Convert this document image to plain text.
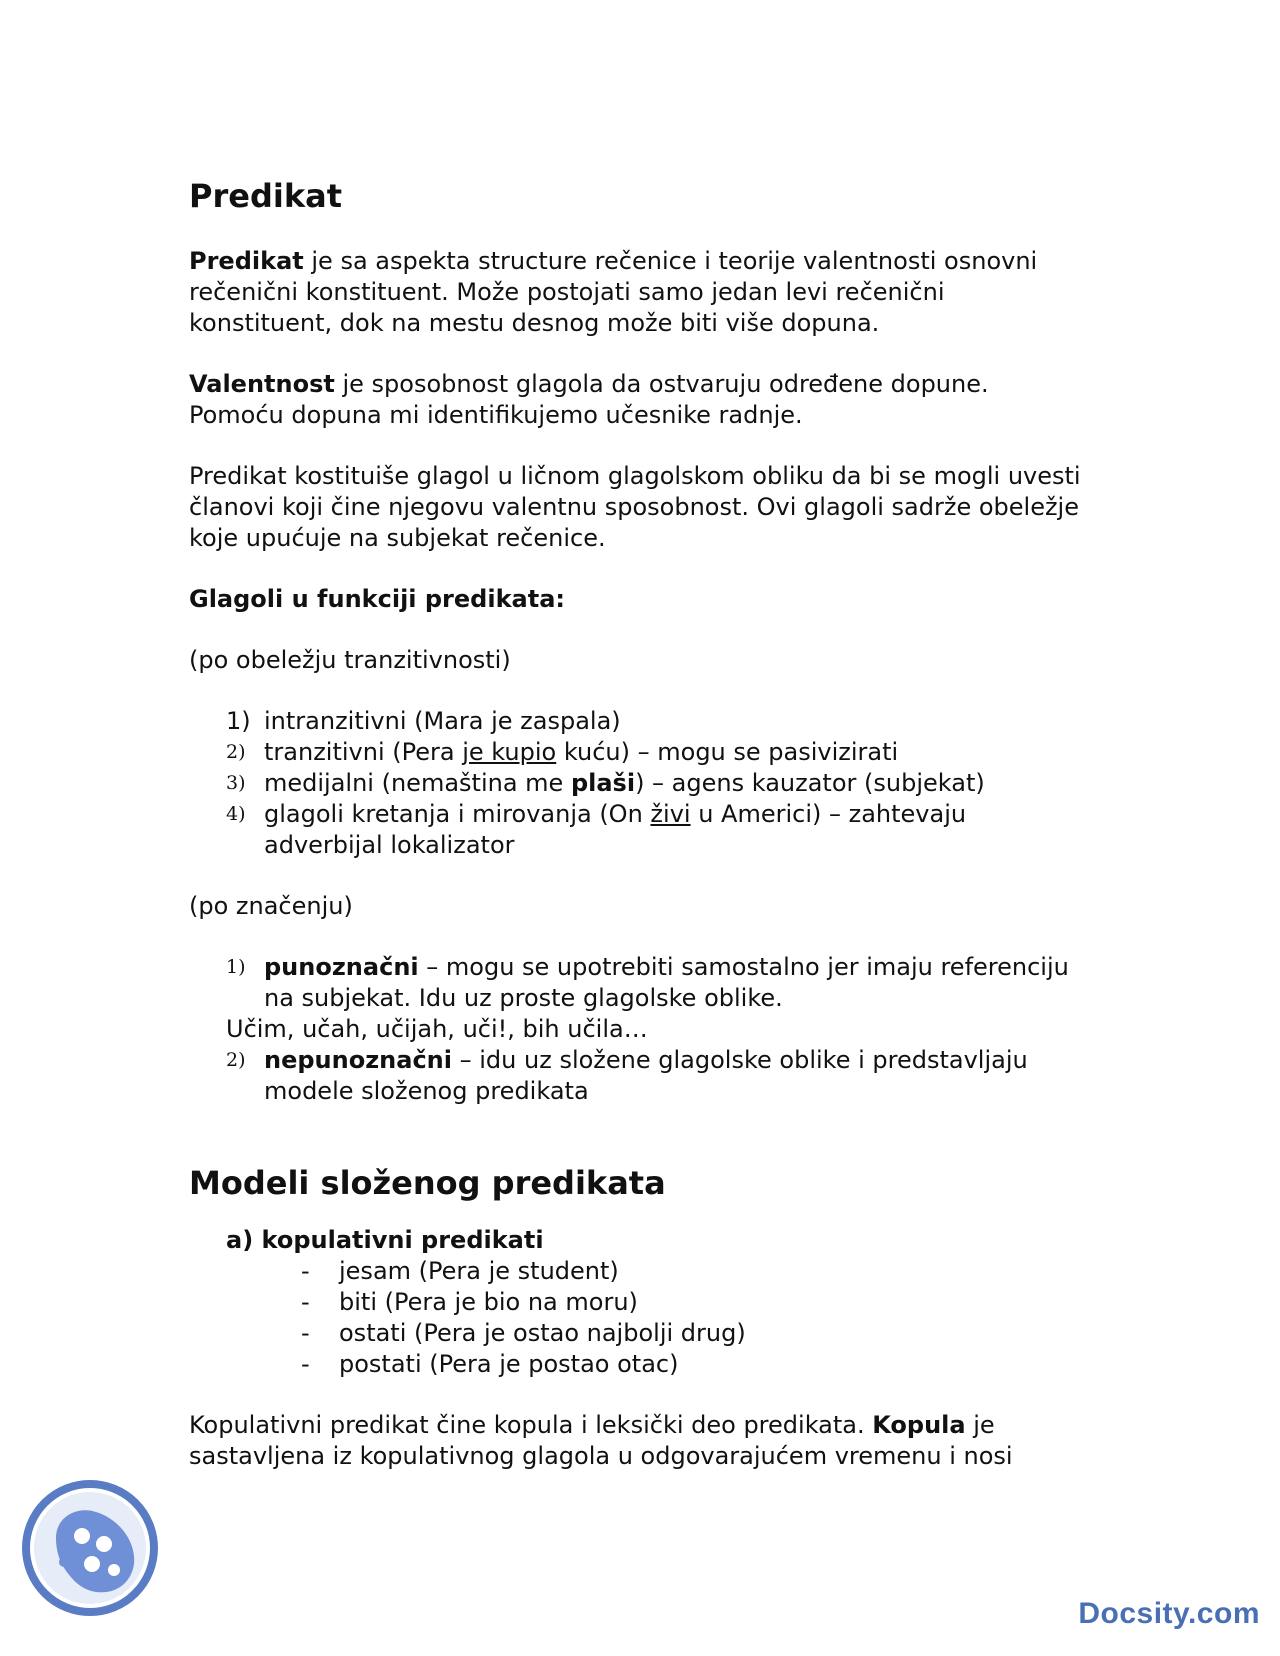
Predikat

Predikat je sa aspekta structure rečenice i teorije valentnosti osnovni rečenični konstituent. Može postojati samo jedan levi rečenični konstituent, dok na mestu desnog može biti više dopuna.

Valentnost je sposobnost glagola da ostvaruju određene dopune. Pomoću dopuna mi identifikujemo učesnike radnje.

Predikat kostituiše glagol u ličnom glagolskom obliku da bi se mogli uvesti članovi koji čine njegovu valentnu sposobnost. Ovi glagoli sadrže obeležje koje upućuje na subjekat rečenice.

Glagoli u funkciji predikata:

(po obeležju tranzitivnosti)

1) intranzitivni (Mara je zaspala)
2) tranzitivni (Pera je kupio kuću) – mogu se pasivizirati
3) medijalni (nemaština me plaši) – agens kauzator (subjekat)
4) glagoli kretanja i mirovanja (On živi u Americi) – zahtevaju adverbijal lokalizator

(po značenju)

1) punoznačni – mogu se upotrebiti samostalno jer imaju referenciju na subjekat. Idu uz proste glagolske oblike.

Učim, učah, učijah, uči!, bih učila…

2) nepunoznačni – idu uz složene glagolske oblike i predstavljaju modele složenog predikata
Modeli složenog predikata

a) kopulativni predikati

- jesam (Pera je student)
- biti (Pera je bio na moru)
- ostati (Pera je ostao najbolji drug)
- postati (Pera je postao otac)

Kopulativni predikat čine kopula i leksički deo predikata. Kopula je sastavljena iz kopulativnog glagola u odgovarajućem vremenu i nosi

Docsity.com
